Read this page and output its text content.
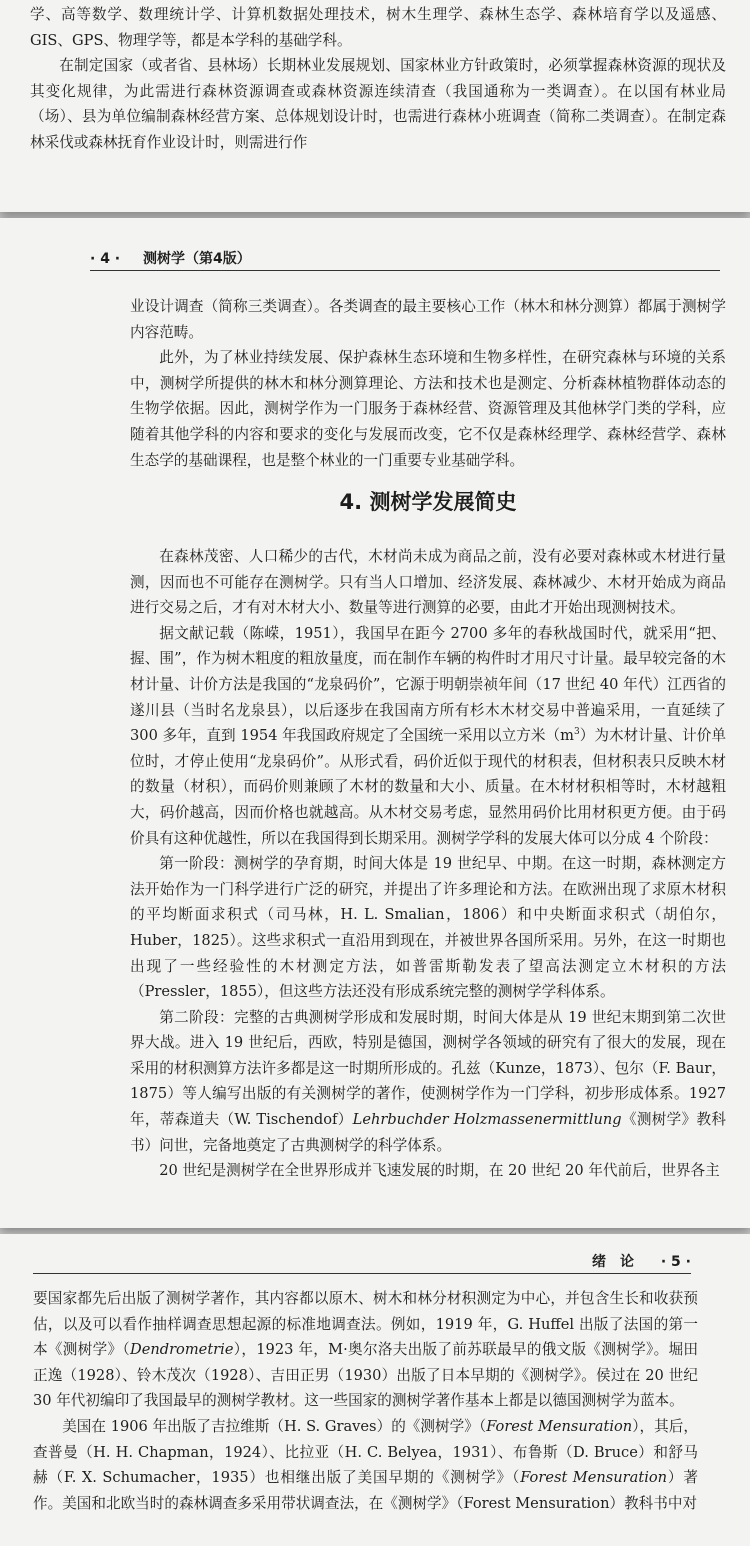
学、高等数学、数理统计学、计算机数据处理技术，树木生理学、森林生态学、森林培育学以及遥感、GIS、GPS、物理学等，都是本学科的基础学科。

在制定国家（或者省、县林场）长期林业发展规划、国家林业方针政策时，必须掌握森林资源的现状及其变化规律，为此需进行森林资源调查或森林资源连续清查（我国通称为一类调查）。在以国有林业局（场）、县为单位编制森林经营方案、总体规划设计时，也需进行森林小班调查（简称二类调查）。在制定森林采伐或森林抚育作业设计时，则需进行作

· 4 · 测树学（第4版）

业设计调查（简称三类调查）。各类调查的最主要核心工作（林木和林分测算）都属于测树学内容范畴。

此外，为了林业持续发展、保护森林生态环境和生物多样性，在研究森林与环境的关系中，测树学所提供的林木和林分测算理论、方法和技术也是测定、分析森林植物群体动态的生物学依据。因此，测树学作为一门服务于森林经营、资源管理及其他林学门类的学科，应随着其他学科的内容和要求的变化与发展而改变，它不仅是森林经理学、森林经营学、森林生态学的基础课程，也是整个林业的一门重要专业基础学科。

4. 测树学发展简史

在森林茂密、人口稀少的古代，木材尚未成为商品之前，没有必要对森林或木材进行量测，因而也不可能存在测树学。只有当人口增加、经济发展、森林减少、木材开始成为商品进行交易之后，才有对木材大小、数量等进行测算的必要，由此才开始出现测树技术。

据文献记载（陈嵘，1951），我国早在距今 2700 多年的春秋战国时代，就采用“把、握、围”，作为树木粗度的粗放量度，而在制作车辆的构件时才用尺寸计量。最早较完备的木材计量、计价方法是我国的“龙泉码价”，它源于明朝崇祯年间（17 世纪 40 年代）江西省的遂川县（当时名龙泉县），以后逐步在我国南方所有杉木木材交易中普遍采用，一直延续了 300 多年，直到 1954 年我国政府规定了全国统一采用以立方米$(m^3)$为木材计量、计价单位时，才停止使用“龙泉码价”。从形式看，码价近似于现代的材积表，但材积表只反映木材的数量（材积），而码价则兼顾了木材的数量和大小、质量。在木材材积相等时，木材越粗大，码价越高，因而价格也就越高。从木材交易考虑，显然用码价比用材积更方便。由于码价具有这种优越性，所以在我国得到长期采用。测树学学科的发展大体可以分成 4 个阶段：

第一阶段：测树学的孕育期，时间大体是 19 世纪早、中期。在这一时期，森林测定方法开始作为一门科学进行广泛的研究，并提出了许多理论和方法。在欧洲出现了求原木材积的平均断面求积式（司马林，H. L. Smalian，1806）和中央断面求积式（胡伯尔，Huber，1825）。这些求积式一直沿用到现在，并被世界各国所采用。另外，在这一时期也出现了一些经验性的木材测定方法，如普雷斯勒发表了望高法测定立木材积的方法（Pressler，1855），但这些方法还没有形成系统完整的测树学学科体系。

第二阶段：完整的古典测树学形成和发展时期，时间大体是从 19 世纪末期到第二次世界大战。进入 19 世纪后，西欧，特别是德国，测树学各领域的研究有了很大的发展，现在采用的材积测算方法许多都是这一时期所形成的。孔兹（Kunze，1873）、包尔（F. Baur，1875）等人编写出版的有关测树学的著作，使测树学作为一门学科，初步形成体系。1927 年，蒂森道夫（W. Tischendof）Lehrbuchder Holzmassenermittlung《测树学》教科书）问世，完备地奠定了古典测树学的科学体系。

20 世纪是测树学在全世界形成并飞速发展的时期，在 20 世纪 20 年代前后，世界各主

绪　论 · 5 ·

要国家都先后出版了测树学著作，其内容都以原木、树木和林分材积测定为中心，并包含生长和收获预估，以及可以看作抽样调查思想起源的标准地调查法。例如，1919 年，G. Huffel 出版了法国的第一本《测树学》（Dendrometrie），1923 年，M·奥尔洛夫出版了前苏联最早的俄文版《测树学》。堀田正逸（1928）、铃木茂次（1928）、吉田正男（1930）出版了日本早期的《测树学》。侯过在 20 世纪 30 年代初编印了我国最早的测树学教材。这一些国家的测树学著作基本上都是以德国测树学为蓝本。

美国在 1906 年出版了吉拉维斯（H. S. Graves）的《测树学》（Forest Mensuration），其后，查普曼（H. H. Chapman，1924）、比拉亚（H. C. Belyea，1931）、布鲁斯（D. Bruce）和舒马赫（F. X. Schumacher，1935）也相继出版了美国早期的《测树学》（Forest Mensuration）著作。美国和北欧当时的森林调查多采用带状调查法，在《测树学》（Forest Mensuration）教科书中对
